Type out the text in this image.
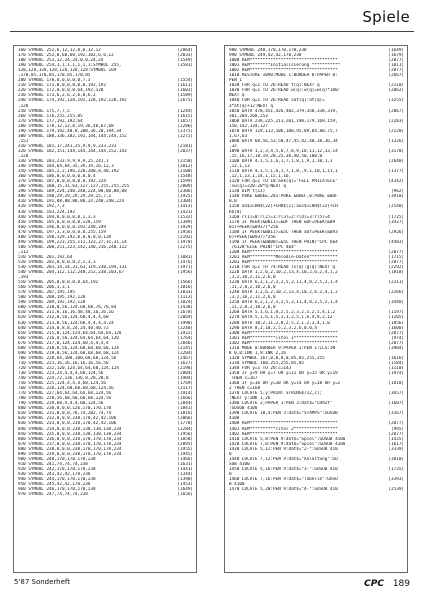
Spiele
160 SYMBOL 251,6,12,12,0,0,12,12	[2064]
170 SYMBOL 252,0,60,60,192,102,6,6,12	[2033]
180 SYMBOL 253,12,24,24,0,0,24,24	[1549]
190 SYMBOL 254,1,1,1,1,1,1,1:SYMBOL 255,	[3583]
128,128,128,128,128,128,128:SYMBOL 169
,170,85,170,85,170,85,170,85
200 SYMBOL 170,0,0,0,0,0,7,3	[1554]
210 SYMBOL 171,0,0,0,0,0,0,192,192	[1611]
220 SYMBOL 172,0,0,0,0,64,192,128	[1603]
230 SYMBOL 173,6,2,6,2,6,0,6,2	[1589]
240 SYMBOL 174,192,128,192,128,192,128,192	[2675]
,128
250 SYMBOL 175,7,7,5	[1244]
260 SYMBOL 176,255,255,85	[1615]
270 SYMBOL 177,192,192,64	[1657]
280 SYMBOL 178,12,12,8,19,36,40,67,68	[2286]
290 SYMBOL 179,192,48,8,200,36,20,194,34	[2375]
300 SYMBOL 180,136,182,192,144,144,144,152	[2272]
,151
310 SYMBOL 181,17,241,25,9,9,9,233,233	[2181]
320 SYMBOL 182,151,144,144,144,144,152,143	[2037]
,128
330 SYMBOL 183,233,9,9,9,9,25,241,1	[2150]
340 SYMBOL 184,64,64,35,39,19,16,12,3	[2012]
350 SYMBOL 185,2,2,196,228,200,8,48,192	[2100]
360 SYMBOL 186,0,0,0,0,0,0,0,4	[1548]
370 SYMBOL 187,0,0,0,0,0,0,192,224	[1599]
380 SYMBOL 188,15,31,63,127,127,255,255,255	[2009]
390 SYMBOL 189,224,240,240,224,88,88,88,88	[2306]
400 SYMBOL 190,29,29,29,29,29,15,7,1	[1925]
410 SYMBOL 191,88,88,88,88,24,240,240,224	[2304]
420 SYMBOL 192,7,3	[1413]
430 SYMBOL 193,224,192	[1431]
440 SYMBOL 194,0,0,0,0,0,1,3,3	[1532]
450 SYMBOL 195,0,0,0,0,0,128,159	[2389]
460 SYMBOL 196,0,0,0,0,192,240,249	[1929]
470 SYMBOL 197,3,3,0,0,0,0,255,159	[1956]
480 SYMBOL 198,129,192,0,0,0,0,0,128	[2192]
490 SYMBOL 199,223,255,111,123,27,31,31,14	[1970]
500 SYMBOL 200,251,223,142,140,216,240,112	[2275]
,112
510 SYMBOL 201,192,64	[1081]
520 SYMBOL 202,0,0,0,0,2,2,3,3	[1476]
530 SYMBOL 203,14,14,31,63,119,230,194,131	[1971]
540 SYMBOL 204,112,112,248,252,238,103,67	[1956]
,193
550 SYMBOL 205,0,0,0,0,0,64,192	[1566]
560 SYMBOL 206,3,3,1	[1016]
570 SYMBOL 207,195,195	[1033]
580 SYMBOL 208,195,192,128	[1113]
590 SYMBOL 209,192,192,128	[1024]
600 SYMBOL 210,0,56,124,68,68,76,76,84	[2430]
610 SYMBOL 211,0,16,16,48,48,16,16,16	[1678]
620 SYMBOL 212,0,56,124,68,4,4,4,60	[2069]
630 SYMBOL 213,0,56,124,68,4,4,4,4,24	[1990]
640 SYMBOL 214,0,8,8,24,24,40,40,72	[2240]
650 SYMBOL 215,0,124,124,64,64,64,64,120	[1922]
660 SYMBOL 216,0,56,124,64,64,64,64,120	[1764]
670 SYMBOL 217,0,124,124,68,4,4,4,4	[2046]
680 SYMBOL 218,0,56,124,68,68,68,68,124	[2145]
690 SYMBOL 219,0,56,124,68,68,68,68,124	[2204]
700 SYMBOL 220,84,100,100,68,68,124,56	[2467]
710 SYMBOL 221,16,16,16,16,16,56,56	[1627]
720 SYMBOL 222,120,124,64,64,68,124,124	[2198]
730 SYMBOL 223,24,4,4,4,68,124,56	[2004]
740 SYMBOL 224,72,136,136,8,28,28,8	[1904]
750 SYMBOL 225,124,4,4,4,68,124,56	[1769]
760 SYMBOL 226,124,68,68,68,68,124,56	[2117]
770 SYMBOL 227,64,64,64,64,68,124,56	[1914]
780 SYMBOL 228,56,68,68,68,68,124,56	[1666]
790 SYMBOL 229,60,4,4,4,68,124,56	[2044]
800 SYMBOL 230,0,0,0,126,170,170,170	[1841]
810 SYMBOL 231,0,0,0,78,74,202,74,74	[1816]
820 SYMBOL 232,0,0,0,238,170,42,42,106	[2066]
830 SYMBOL 233,0,0,0,238,170,42,42,106	[1770]
840 SYMBOL 234,0,0,0,238,138,138,138,234	[2284]
850 SYMBOL 235,0,0,0,238,138,138,138,234	[1956]
860 SYMBOL 236,0,0,0,238,170,170,170,234	[1858]
870 SYMBOL 237,0,0,0,238,170,170,170,234	[2095]
880 SYMBOL 238,0,0,0,238,170,170,170,234	[1955]
890 SYMBOL 239,0,0,0,238,170,170,170,234	[1945]
900 SYMBOL 240,170,170,170,238	[1466]
910 SYMBOL 241,74,74,74,238	[1631]
920 SYMBOL 242,170,170,170,238	[1441]
930 SYMBOL 243,42,42,170,238	[1344]
940 SYMBOL 244,170,170,170,238	[1398]
950 SYMBOL 245,42,42,170,238	[1453]
960 SYMBOL 246,170,170,170,238	[1649]
970 SYMBOL 247,74,74,74,238	[1656]
980 SYMBOL 248,170,170,170,238	[1649]
990 SYMBOL 249,42,42,170,238	[1679]
1000 REM**********************************	[2077]
1001 REM********Initialisierung ***********	[1811]
1002 REM**********************************	[2077]
1010 RESTORE 1090:MODE 1:BORDER 0:PAPER 0:	[2667]
PEN 1
1020 FOR q=1 TO 26:READ t(q):NEXT q	[2110]
1030 FOR q=1 TO 26:READ w(q):w(q)=w(q)*100:	[2062]
NEXT q
1040 FOR q=1 TO 26:READ sat(q):at(q)=	[3255]
3*at(q)+12:NEXT q
1050 DATA 478,451,426,402,379,358,338,319,	[2867]
301,284,268,253
1060 DATA 239,225,213,201,190,179,169,159,	[2203]
150,142,134,127
1070 DATA 119,113,106,100,95,89,84,80,75,7	[2120]
1,67,63
1080 DATA 60,56,53,50,47,45,42,40,38,36,34	[1326]
,32
1090 DATA 1,2,3,4,5,6,7,8,9,10,11,12,13,14	[3170]
,15,16,17,18,19,20,25,30,40,50,100,0
1100 DATA 4,1,5,1,6,1,7,1,8,1,9,1,10,1,1	[2648]
,12,1,13
1110 DATA 4,1,5,1,6,1,7,1,8,,9,1,10,1,11,1	[1377]
,12,1,13,1,14,1,15,1,16,
1120 FOR q=1 TO 10:ank(q)="FELL PHILATELE"	[4342]
:sw(q)=220-20*q:NEXT q
1130 DIM t(11)	[962]
1140 POKE &BDEE,201:POKE &BDEF,0:POKE &BDF	[3910]
0,0
1150 an$=CHR$(22)+CHR$(1):aus$=CHR$(22)+CH	[2540]
R$(0)
1160 r(1)=0:r(2)=1:r(3)=2:r(4)=3:r(5)=4	[1725]
1170 IF PEEK(&BB11)=&DF THEN &DF=PEEK(&B9	[3427]
01)+PEEK(&B937)*256
1180 IF PEEK(&BB11)=&5C THEN adr=PEEK(&B93	[2926]
6)+PEEK(&B937)*256
1190 IF PEEK(&BB00)=&5C THEN PRINT"CPC 664	[4483]
/6128"ELSE PRINT"CPC 464"
1200 REM**********************************	[2077]
1201 REM**********Melodie-Daten***********	[1715]
1202 REM**********************************	[2077]
1210 FOR q=1 TO 74:READ ls(q):g(q):NEXT q	[2292]
1220 DATA 1,2,6,2,10,2,13,4,10,2,6,2,4,1,2	[1818]
,3,2,10,2,11,2,6,0
1230 DATA 6,2,1,2,3,2,5,2,11,4,8,2,5,2,1,4	[2311]
,11,2,8,2,10,2,6,0
1240 DATA 1,2,6,2,10,2,13,4,10,2,6,2,4,1,2	[2266]
,3,2,10,2,11,2,6,0
1250 DATA 6,2,1,2,3,2,5,2,11,4,8,2,5,2,1,4	[3448]
,11,2,8,2,10,2,6,0
1260 DATA 5,1,6,1,8,2,5,2,3,2,5,2,5,4,1,2	[1197]
1270 DATA 5,1,6,1,5,1,3,2,5,1,6,4,8,2,12	[1205]
1280 DATA 10,2,11,2,8,2,5,2,1,2,3,4,1,0	[1856]
1290 DATA 8,2,10,2,5,2,3,2,6,0,0,4	[1600]
1300 REM**********************************	[2077]
1301 REM**********Titel 1*****************	[974]
1302 REM**********************************	[2077]
1310 MODE 0:BORDER 9:PAPER 1:PEN 1:CLS:IN	[3904]
K 0,0:INK 1,9:INK 2,26
1320 SYMBOL 167,0,0,0,0,85,85,255,255	[1616]
1330 SYMBOL 168,255,255,85,85	[1584]
1340 FOR y=1 TO 20:c=143	[1110]
1350 IF y<9 OR y=7 OR y=11 OR y=15 OR y=19	[1974]
THEN c=167
1360 IF y=16 OR y=10 OR y=14 OR y=18 OR y=2	[1818]
2 THEN c=168
1370 LOCATE 5,y:PRINT STRING$(12,c);	[3657]
:NEXT y:INK 1,26
1380 LOCATE 2,PAPER 1:PEN 3:dat$="CRAZY"	[1607]
:GOSUB 4100
1390 LOCATE 10,4:PEN 3:dat$="STAMPS":GOSUB	[3167]
4100
1400 REM**********************************	[2077]
1401 REM**********Titel 2*****************	[995]
1402 REM**********************************	[2077]
1410 LOCATE 5,8:PEN 9:dat$="Spiel":GOSUB 4100	[1435]
1420 LOCATE 7,8:PEN 9:dat$="Spiel":GOSUB 4100	[1617]
1430 LOCATE 5,12:PEN 9:dat$="2-":GOSUB 410	[3339]
0
1440 LOCATE 7,12:PEN 9:dat$="Anleitung":GO	[3010]
SUB 4100
1450 LOCATE 5,16:PEN 9:dat$="3-":GOSUB 410	[1735]
0
1460 LOCATE 7,16:PEN 9:dat$="Tabelle":GOSU	[3393]
B 4100
1470 LOCATE 5,20:PEN 9:dat$="4-":GOSUB 410	[2539]
5'87 Sonderheft	CPC 189
